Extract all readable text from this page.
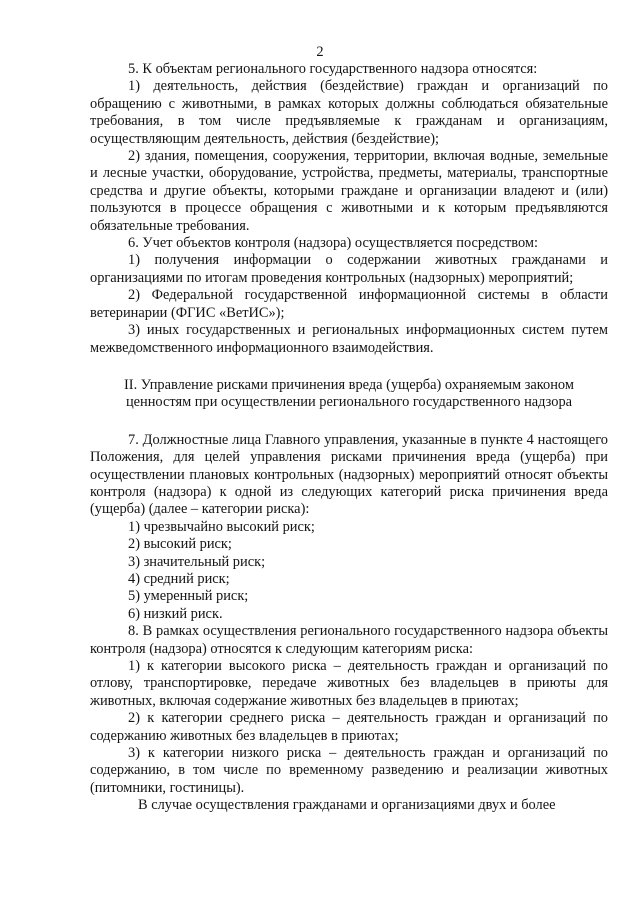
2

5. К объектам регионального государственного надзора относятся:

1) деятельность, действия (бездействие) граждан и организаций по обращению с животными, в рамках которых должны соблюдаться обязательные требования, в том числе предъявляемые к гражданам и организациям, осуществляющим деятельность, действия (бездействие);

2) здания, помещения, сооружения, территории, включая водные, земельные и лесные участки, оборудование, устройства, предметы, материалы, транспортные средства и другие объекты, которыми граждане и организации владеют и (или) пользуются в процессе обращения с животными и к которым предъявляются обязательные требования.

6. Учет объектов контроля (надзора) осуществляется посредством:

1) получения информации о содержании животных гражданами и организациями по итогам проведения контрольных (надзорных) мероприятий;

2) Федеральной государственной информационной системы в области ветеринарии (ФГИС «ВетИС»);

3) иных государственных и региональных информационных систем путем межведомственного информационного взаимодействия.

II. Управление рисками причинения вреда (ущерба) охраняемым законом
ценностям при осуществлении регионального государственного надзора

7. Должностные лица Главного управления, указанные в пункте 4 настоящего Положения, для целей управления рисками причинения вреда (ущерба) при осуществлении плановых контрольных (надзорных) мероприятий относят объекты контроля (надзора) к одной из следующих категорий риска причинения вреда (ущерба) (далее – категории риска):

1) чрезвычайно высокий риск;

2) высокий риск;

3) значительный риск;

4) средний риск;

5) умеренный риск;

6) низкий риск.

8. В рамках осуществления регионального государственного надзора объекты контроля (надзора) относятся к следующим категориям риска:

1) к категории высокого риска – деятельность граждан и организаций по отлову, транспортировке, передаче животных без владельцев в приюты для животных, включая содержание животных без владельцев в приютах;

2) к категории среднего риска – деятельность граждан и организаций по содержанию животных без владельцев в приютах;

3) к категории низкого риска – деятельность граждан и организаций по содержанию, в том числе по временному разведению и реализации животных (питомники, гостиницы).

В случае осуществления гражданами и организациями двух и более
